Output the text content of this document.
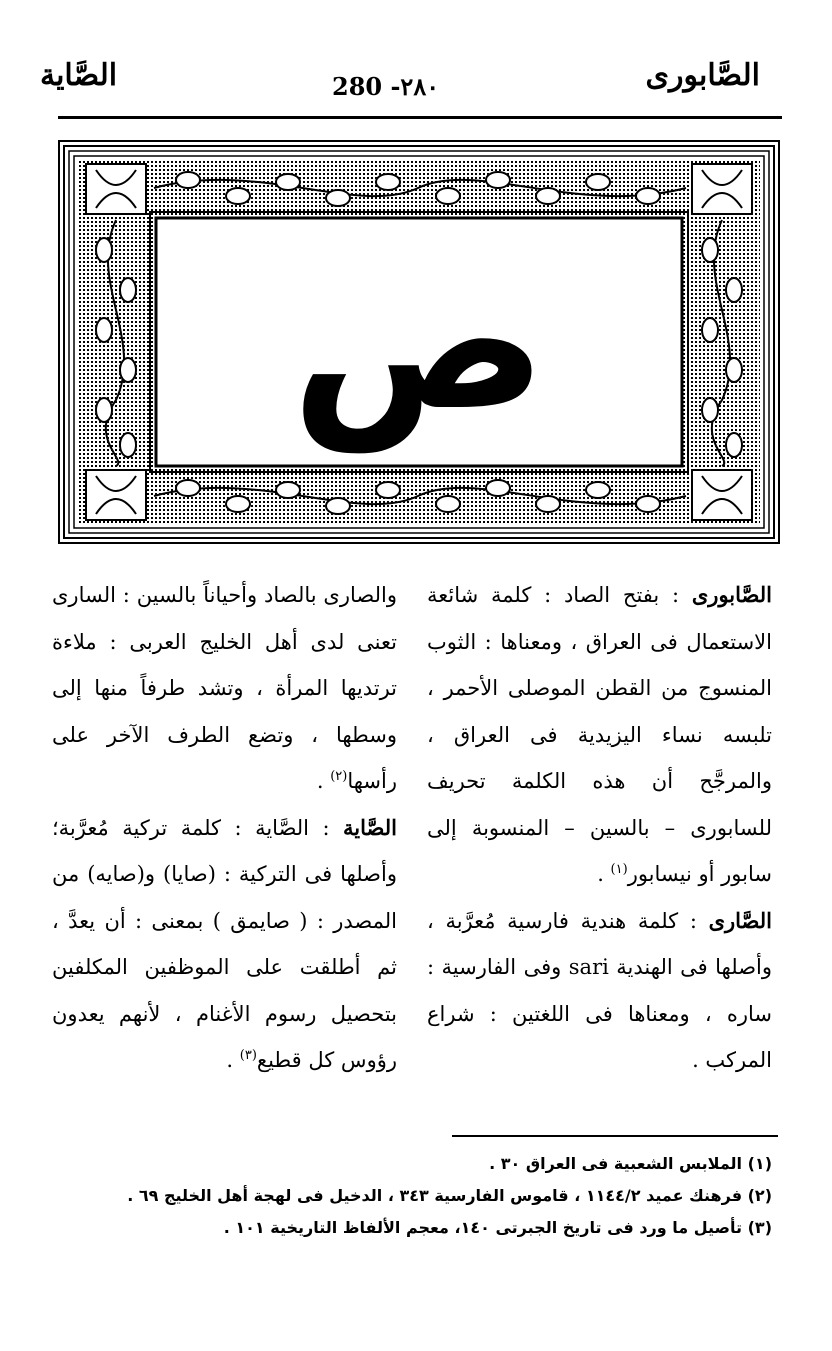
الصَّابورى
280 -٢٨٠
الصَّاية
ص

الصَّابورى : بفتح الصاد : كلمة شائعة الاستعمال فى العراق ، ومعناها : الثوب المنسوج من القطن الموصلى الأحمر ، تلبسه نساء اليزيدية فى العراق ، والمرجَّح أن هذه الكلمة تحريف للسابورى – بالسين – المنسوبة إلى سابور أو نيسابور$^{(١)}$ .

الصَّارى : كلمة هندية فارسية مُعرَّبة ، وأصلها فى الهندية sari وفى الفارسية : ساره ، ومعناها فى اللغتين : شراع المركب .

والصارى بالصاد وأحياناً بالسين : السارى تعنى لدى أهل الخليج العربى : ملاءة ترتديها المرأة ، وتشد طرفاً منها إلى وسطها ، وتضع الطرف الآخر على رأسها$^{(٢)}$ .

الصَّاية : الصَّاية : كلمة تركية مُعرَّبة؛ وأصلها فى التركية : (صايا) و(صايه) من المصدر : ( صايمق ) بمعنى : أن يعدَّ ، ثم أطلقت على الموظفين المكلفين بتحصيل رسوم الأغنام ، لأنهم يعدون رؤوس كل قطيع$^{(٣)}$ .

(١) الملابس الشعبية فى العراق ٣٠ .
(٢) فرهنك عميد ١١٤٤/٢ ، قاموس الفارسية ٣٤٣ ، الدخيل فى لهجة أهل الخليج ٦٩ .
(٣) تأصيل ما ورد فى تاريخ الجبرتى ١٤٠، معجم الألفاظ التاريخية ١٠١ .
